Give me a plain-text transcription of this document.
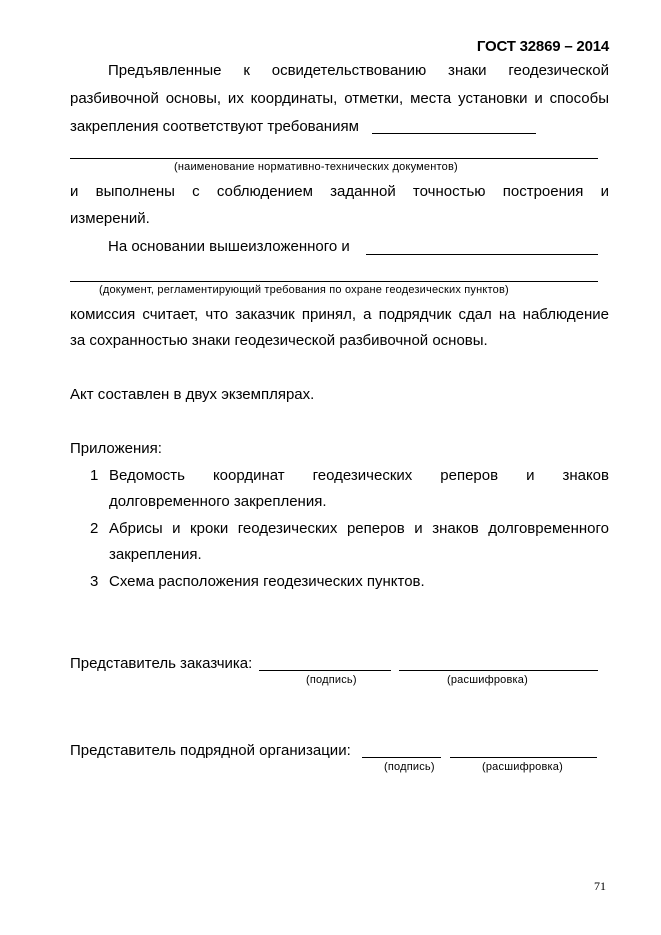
ГОСТ 32869 – 2014
Предъявленные к освидетельствованию знаки геодезической
разбивочной основы, их координаты, отметки, места установки и способы
закрепления соответствуют требованиям
(наименование нормативно-технических документов)
и выполнены с соблюдением заданной точностью построения и
измерений.
На основании вышеизложенного и
(документ, регламентирующий требования по охране геодезических пунктов)
комиссия считает, что заказчик принял, а подрядчик сдал на наблюдение
за сохранностью знаки геодезической разбивочной основы.
Акт составлен в двух экземплярах.
Приложения:
1 Ведомость координат геодезических реперов и знаков
долговременного закрепления.
2 Абрисы и кроки геодезических реперов и знаков долговременного
закрепления.
3 Схема расположения геодезических пунктов.
Представитель заказчика:
(подпись)	(расшифровка)
Представитель подрядной организации:
(подпись)	(расшифровка)
71
